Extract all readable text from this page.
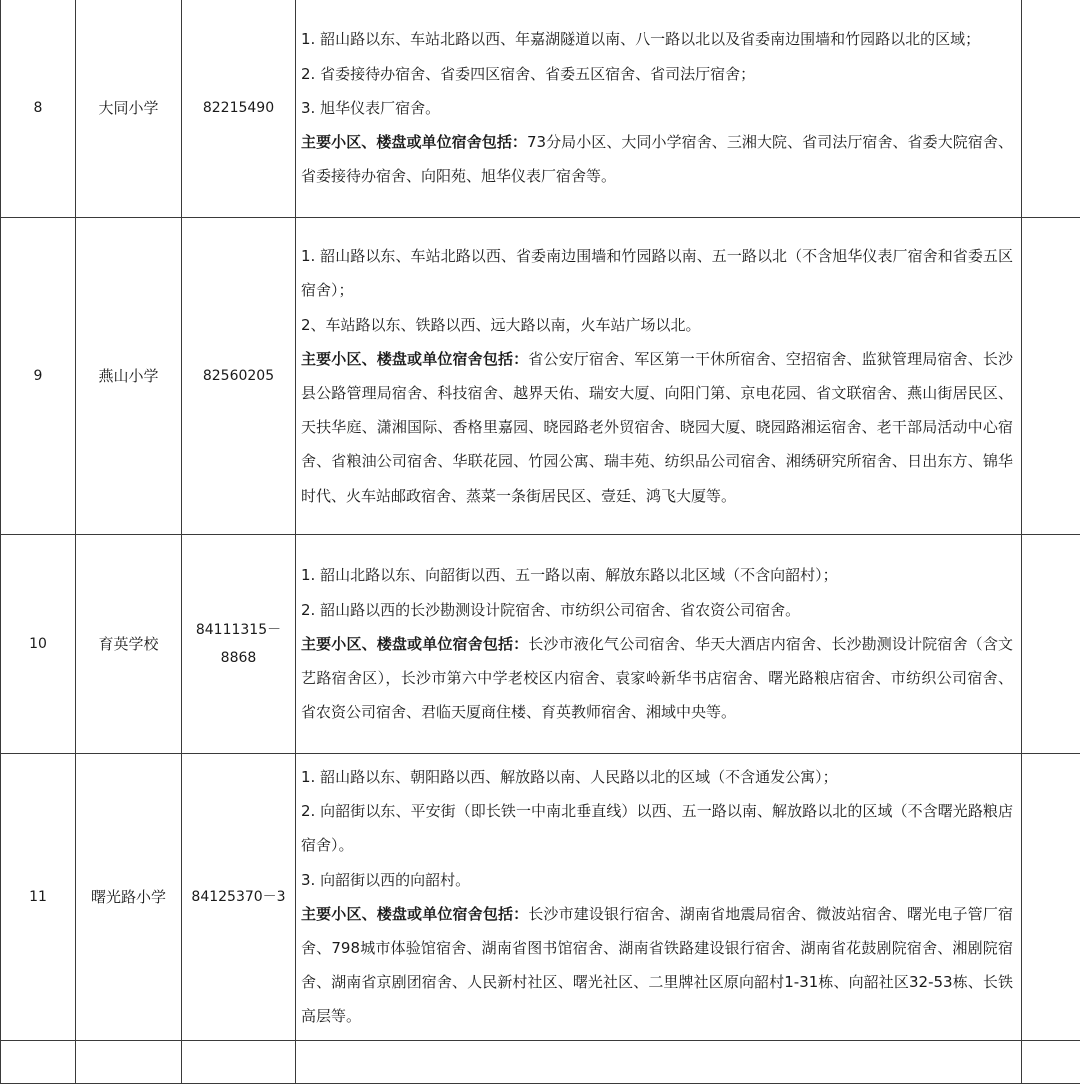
8	大同小学	82215490	1. 韶山路以东、车站北路以西、年嘉湖隧道以南、八一路以北以及省委南边围墙和竹园路以北的区域；
2. 省委接待办宿舍、省委四区宿舍、省委五区宿舍、省司法厅宿舍；
3. 旭华仪表厂宿舍。
主要小区、楼盘或单位宿舍包括：73分局小区、大同小学宿舍、三湘大院、省司法厅宿舍、省委大院宿舍、省委接待办宿舍、向阳苑、旭华仪表厂宿舍等。	

9	燕山小学	82560205	1. 韶山路以东、车站北路以西、省委南边围墙和竹园路以南、五一路以北（不含旭华仪表厂宿舍和省委五区宿舍）；
2、车站路以东、铁路以西、远大路以南，火车站广场以北。
主要小区、楼盘或单位宿舍包括：省公安厅宿舍、军区第一干休所宿舍、空招宿舍、监狱管理局宿舍、长沙县公路管理局宿舍、科技宿舍、越界天佑、瑞安大厦、向阳门第、京电花园、省文联宿舍、燕山街居民区、天扶华庭、潇湘国际、香格里嘉园、晓园路老外贸宿舍、晓园大厦、晓园路湘运宿舍、老干部局活动中心宿舍、省粮油公司宿舍、华联花园、竹园公寓、瑞丰苑、纺织品公司宿舍、湘绣研究所宿舍、日出东方、锦华时代、火车站邮政宿舍、蒸菜一条街居民区、壹廷、鸿飞大厦等。	

10	育英学校	84111315－8868	1. 韶山北路以东、向韶街以西、五一路以南、解放东路以北区域（不含向韶村）；
2. 韶山路以西的长沙勘测设计院宿舍、市纺织公司宿舍、省农资公司宿舍。
主要小区、楼盘或单位宿舍包括：长沙市液化气公司宿舍、华天大酒店内宿舍、长沙勘测设计院宿舍（含文艺路宿舍区），长沙市第六中学老校区内宿舍、袁家岭新华书店宿舍、曙光路粮店宿舍、市纺织公司宿舍、省农资公司宿舍、君临天厦商住楼、育英教师宿舍、湘域中央等。	

11	曙光路小学	84125370－3	1. 韶山路以东、朝阳路以西、解放路以南、人民路以北的区域（不含通发公寓）；
2. 向韶街以东、平安街（即长铁一中南北垂直线）以西、五一路以南、解放路以北的区域（不含曙光路粮店宿舍）。
3. 向韶街以西的向韶村。
主要小区、楼盘或单位宿舍包括：长沙市建设银行宿舍、湖南省地震局宿舍、微波站宿舍、曙光电子管厂宿舍、798城市体验馆宿舍、湖南省图书馆宿舍、湖南省铁路建设银行宿舍、湖南省花鼓剧院宿舍、湘剧院宿舍、湖南省京剧团宿舍、人民新村社区、曙光社区、二里牌社区原向韶村1-31栋、向韶社区32-53栋、长铁高层等。	
